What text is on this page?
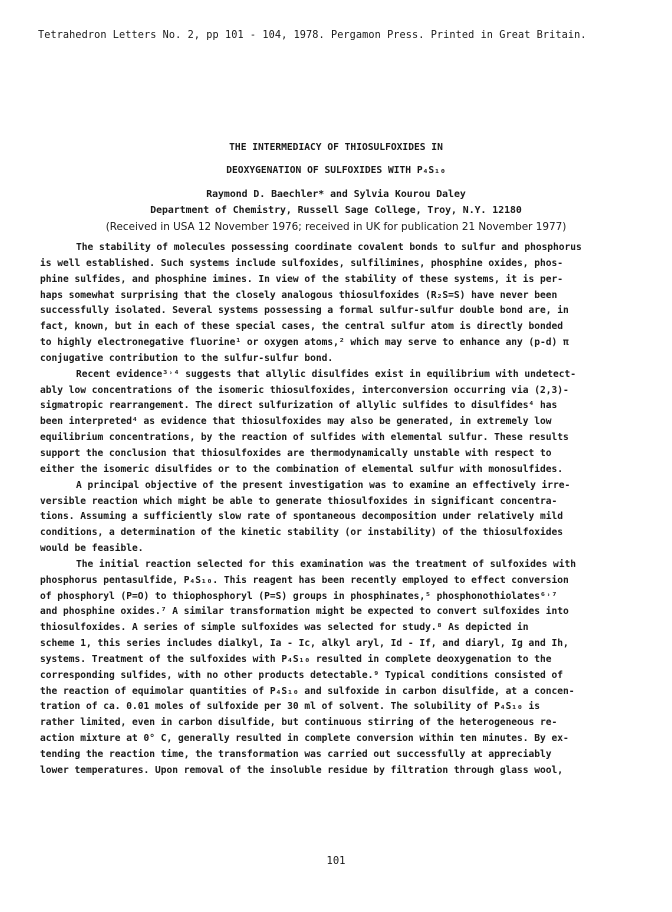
Tetrahedron Letters No. 2, pp 101 - 104, 1978. Pergamon Press. Printed in Great Britain.
THE INTERMEDIACY OF THIOSULFOXIDES IN
DEOXYGENATION OF SULFOXIDES WITH P₄S₁₀
Raymond D. Baechler* and Sylvia Kourou Daley
Department of Chemistry, Russell Sage College, Troy, N.Y. 12180
(Received in USA 12 November 1976; received in UK for publication 21 November 1977)
The stability of molecules possessing coordinate covalent bonds to sulfur and phosphorus
is well established. Such systems include sulfoxides, sulfilimines, phosphine oxides, phos-
phine sulfides, and phosphine imines. In view of the stability of these systems, it is per-
haps somewhat surprising that the closely analogous thiosulfoxides (R₂S=S) have never been
successfully isolated. Several systems possessing a formal sulfur-sulfur double bond are, in
fact, known, but in each of these special cases, the central sulfur atom is directly bonded
to highly electronegative fluorine¹ or oxygen atoms,² which may serve to enhance any (p-d) π
conjugative contribution to the sulfur-sulfur bond.
Recent evidence³˒⁴ suggests that allylic disulfides exist in equilibrium with undetect-
ably low concentrations of the isomeric thiosulfoxides, interconversion occurring via (2,3)-
sigmatropic rearrangement. The direct sulfurization of allylic sulfides to disulfides⁴ has
been interpreted⁴ as evidence that thiosulfoxides may also be generated, in extremely low
equilibrium concentrations, by the reaction of sulfides with elemental sulfur. These results
support the conclusion that thiosulfoxides are thermodynamically unstable with respect to
either the isomeric disulfides or to the combination of elemental sulfur with monosulfides.
A principal objective of the present investigation was to examine an effectively irre-
versible reaction which might be able to generate thiosulfoxides in significant concentra-
tions. Assuming a sufficiently slow rate of spontaneous decomposition under relatively mild
conditions, a determination of the kinetic stability (or instability) of the thiosulfoxides
would be feasible.
The initial reaction selected for this examination was the treatment of sulfoxides with
phosphorus pentasulfide, P₄S₁₀. This reagent has been recently employed to effect conversion
of phosphoryl (P=O) to thiophosphoryl (P=S) groups in phosphinates,⁵ phosphonothiolates⁶˒⁷
and phosphine oxides.⁷ A similar transformation might be expected to convert sulfoxides into
thiosulfoxides. A series of simple sulfoxides was selected for study.⁸ As depicted in
scheme 1, this series includes dialkyl, Ia - Ic, alkyl aryl, Id - If, and diaryl, Ig and Ih,
systems. Treatment of the sulfoxides with P₄S₁₀ resulted in complete deoxygenation to the
corresponding sulfides, with no other products detectable.⁹ Typical conditions consisted of
the reaction of equimolar quantities of P₄S₁₀ and sulfoxide in carbon disulfide, at a concen-
tration of ca. 0.01 moles of sulfoxide per 30 ml of solvent. The solubility of P₄S₁₀ is
rather limited, even in carbon disulfide, but continuous stirring of the heterogeneous re-
action mixture at 0° C, generally resulted in complete conversion within ten minutes. By ex-
tending the reaction time, the transformation was carried out successfully at appreciably
lower temperatures. Upon removal of the insoluble residue by filtration through glass wool,
101
